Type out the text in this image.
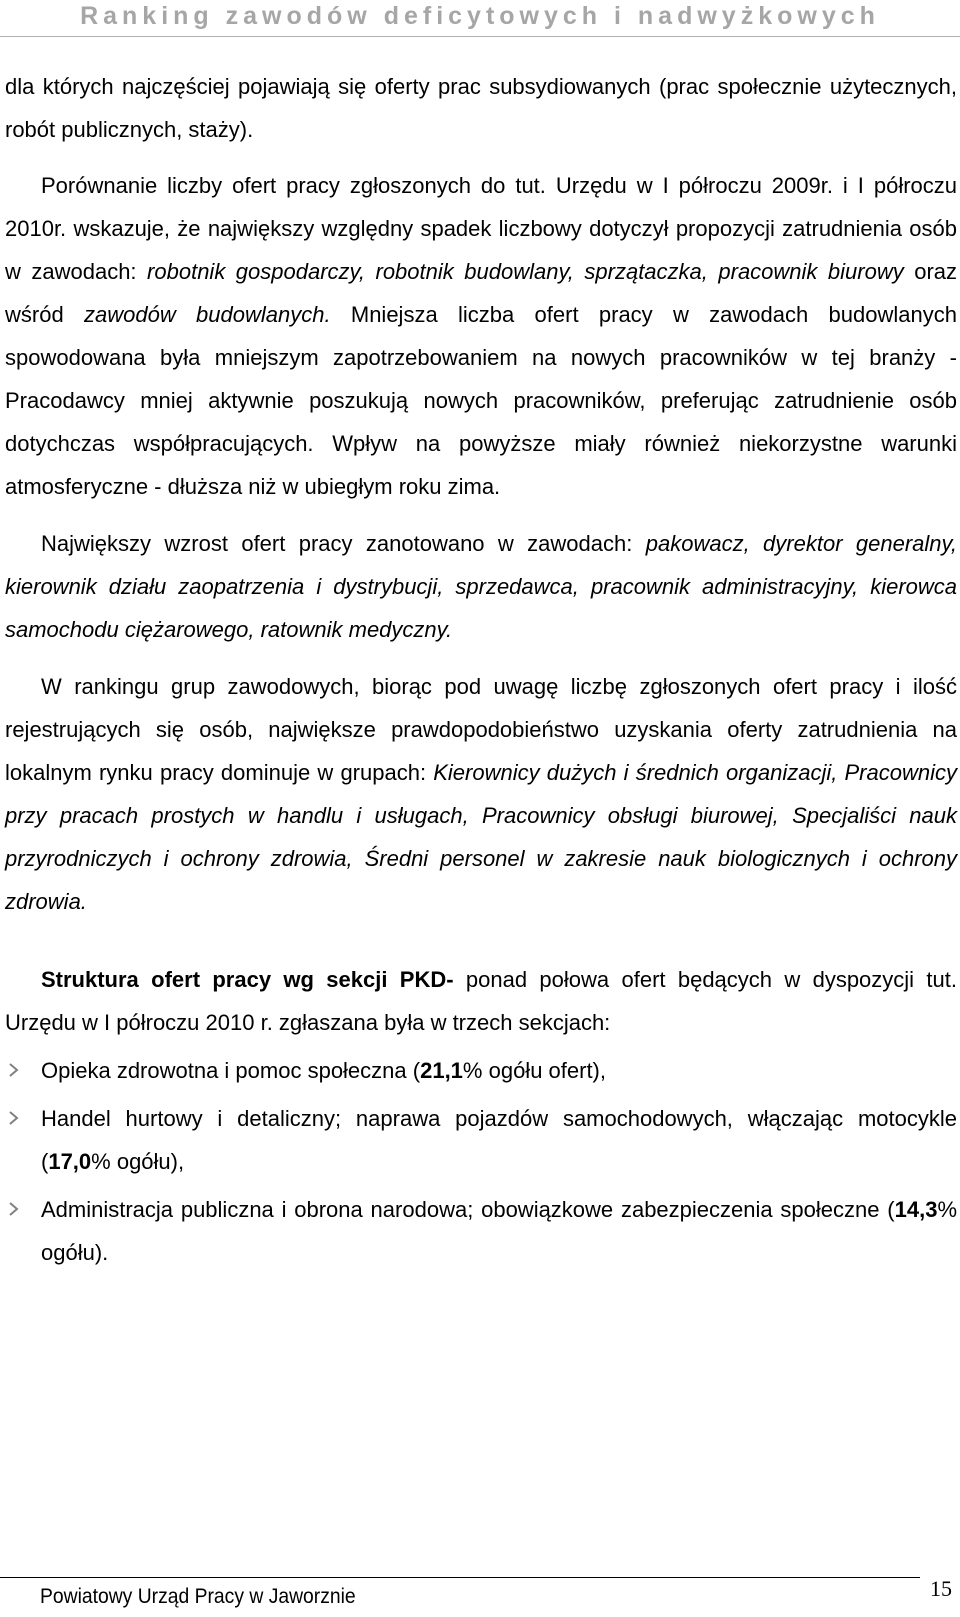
Ranking zawodów deficytowych i nadwyżkowych

dla których najczęściej pojawiają się oferty prac subsydiowanych (prac społecznie użytecznych, robót publicznych, staży).

Porównanie liczby ofert pracy zgłoszonych do tut. Urzędu w I półroczu 2009r. i I półroczu 2010r. wskazuje, że największy względny spadek liczbowy dotyczył propozycji zatrudnienia osób w zawodach: robotnik gospodarczy, robotnik budowlany, sprzątaczka, pracownik biurowy oraz wśród zawodów budowlanych. Mniejsza liczba ofert pracy w zawodach budowlanych spowodowana była mniejszym zapotrzebowaniem na nowych pracowników w tej branży - Pracodawcy mniej aktywnie poszukują nowych pracowników, preferując zatrudnienie osób dotychczas współpracujących. Wpływ na powyższe miały również niekorzystne warunki atmosferyczne - dłuższa niż w ubiegłym roku zima.

Największy wzrost ofert pracy zanotowano w zawodach: pakowacz, dyrektor generalny, kierownik działu zaopatrzenia i dystrybucji, sprzedawca, pracownik administracyjny, kierowca samochodu ciężarowego, ratownik medyczny.

W rankingu grup zawodowych, biorąc pod uwagę liczbę zgłoszonych ofert pracy i ilość rejestrujących się osób, największe prawdopodobieństwo uzyskania oferty zatrudnienia na lokalnym rynku pracy dominuje w grupach: Kierownicy dużych i średnich organizacji, Pracownicy przy pracach prostych w handlu i usługach, Pracownicy obsługi biurowej, Specjaliści nauk przyrodniczych i ochrony zdrowia, Średni personel w zakresie nauk biologicznych i ochrony zdrowia.

Struktura ofert pracy wg sekcji PKD- ponad połowa ofert będących w dyspozycji tut. Urzędu w I półroczu 2010 r. zgłaszana była w trzech sekcjach:

Opieka zdrowotna i pomoc społeczna (21,1% ogółu ofert),
Handel hurtowy i detaliczny; naprawa pojazdów samochodowych, włączając motocykle (17,0% ogółu),
Administracja publiczna i obrona narodowa; obowiązkowe zabezpieczenia społeczne (14,3% ogółu).
Powiatowy Urząd Pracy w Jaworznie	15
